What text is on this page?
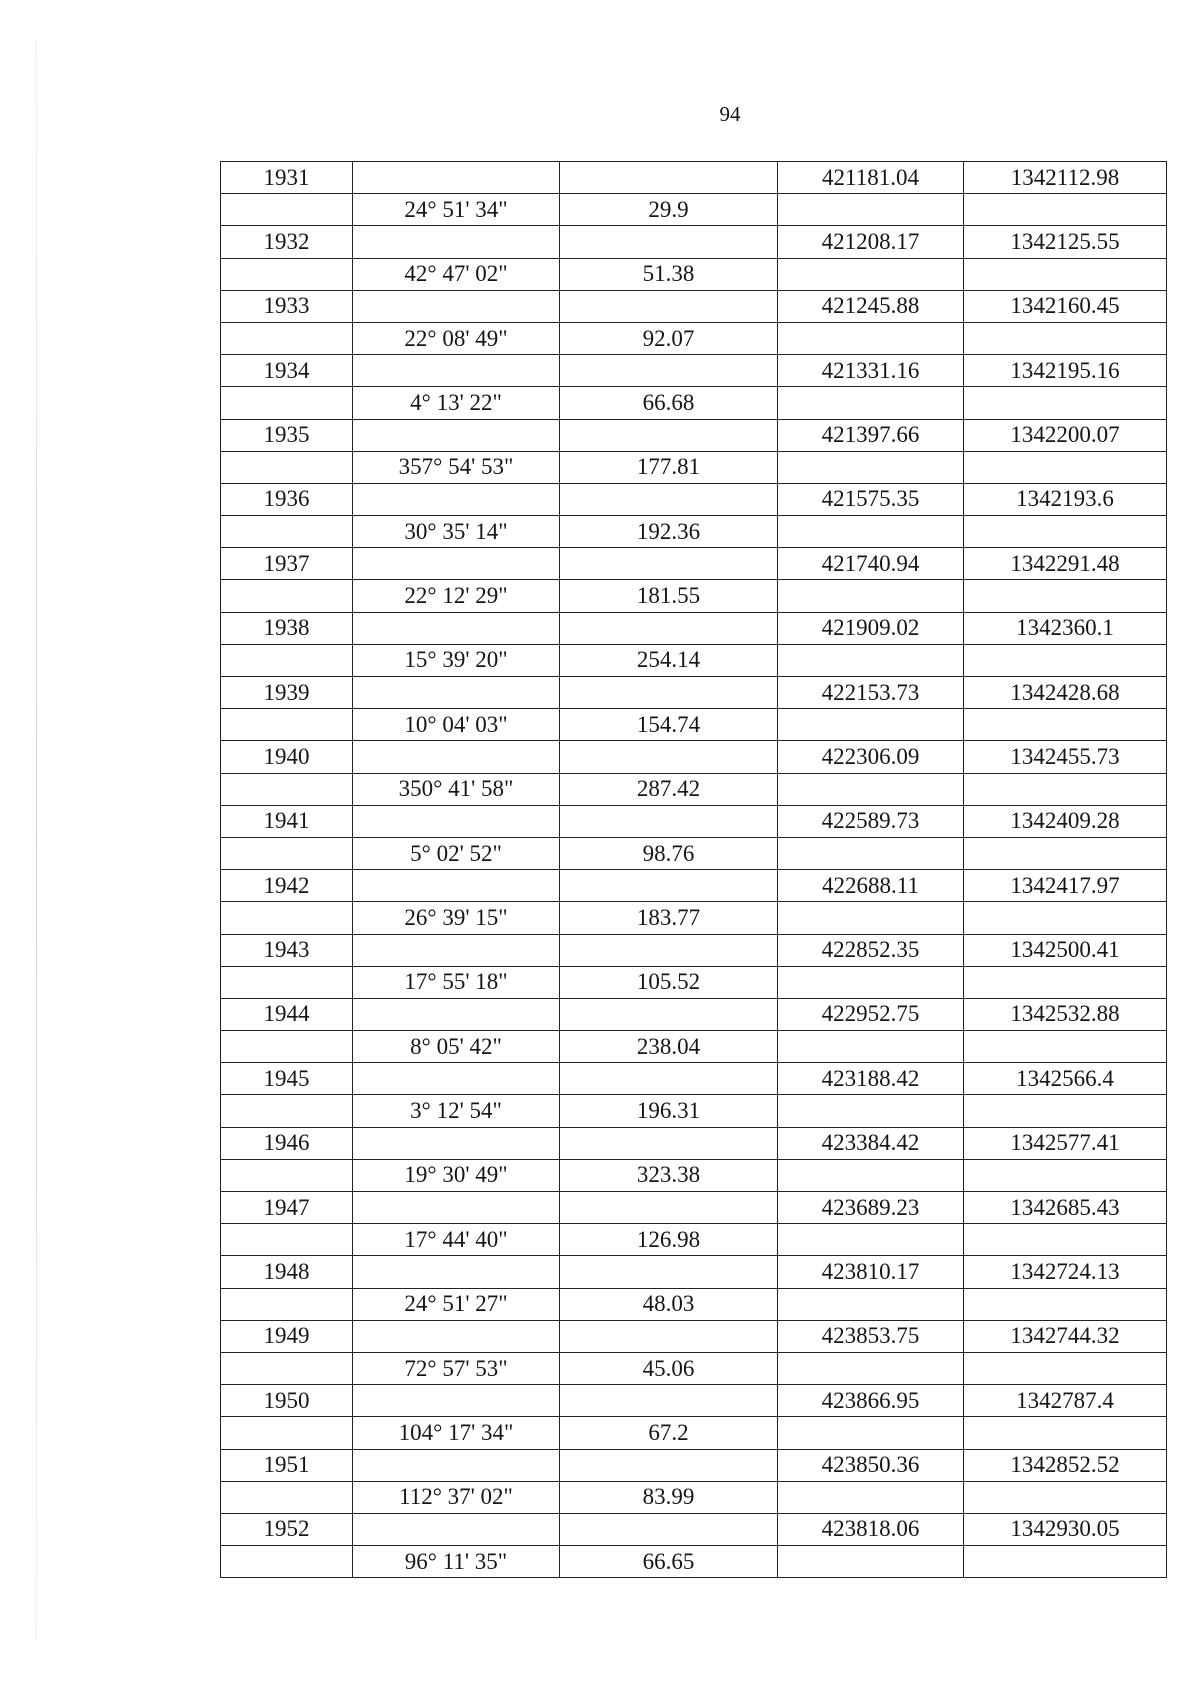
94
1931			421181.04	1342112.98
	24° 51' 34"	29.9		
1932			421208.17	1342125.55
	42° 47' 02"	51.38		
1933			421245.88	1342160.45
	22° 08' 49"	92.07		
1934			421331.16	1342195.16
	4° 13' 22"	66.68		
1935			421397.66	1342200.07
	357° 54' 53"	177.81		
1936			421575.35	1342193.6
	30° 35' 14"	192.36		
1937			421740.94	1342291.48
	22° 12' 29"	181.55		
1938			421909.02	1342360.1
	15° 39' 20"	254.14		
1939			422153.73	1342428.68
	10° 04' 03"	154.74		
1940			422306.09	1342455.73
	350° 41' 58"	287.42		
1941			422589.73	1342409.28
	5° 02' 52"	98.76		
1942			422688.11	1342417.97
	26° 39' 15"	183.77		
1943			422852.35	1342500.41
	17° 55' 18"	105.52		
1944			422952.75	1342532.88
	8° 05' 42"	238.04		
1945			423188.42	1342566.4
	3° 12' 54"	196.31		
1946			423384.42	1342577.41
	19° 30' 49"	323.38		
1947			423689.23	1342685.43
	17° 44' 40"	126.98		
1948			423810.17	1342724.13
	24° 51' 27"	48.03		
1949			423853.75	1342744.32
	72° 57' 53"	45.06		
1950			423866.95	1342787.4
	104° 17' 34"	67.2		
1951			423850.36	1342852.52
	112° 37' 02"	83.99		
1952			423818.06	1342930.05
	96° 11' 35"	66.65		
